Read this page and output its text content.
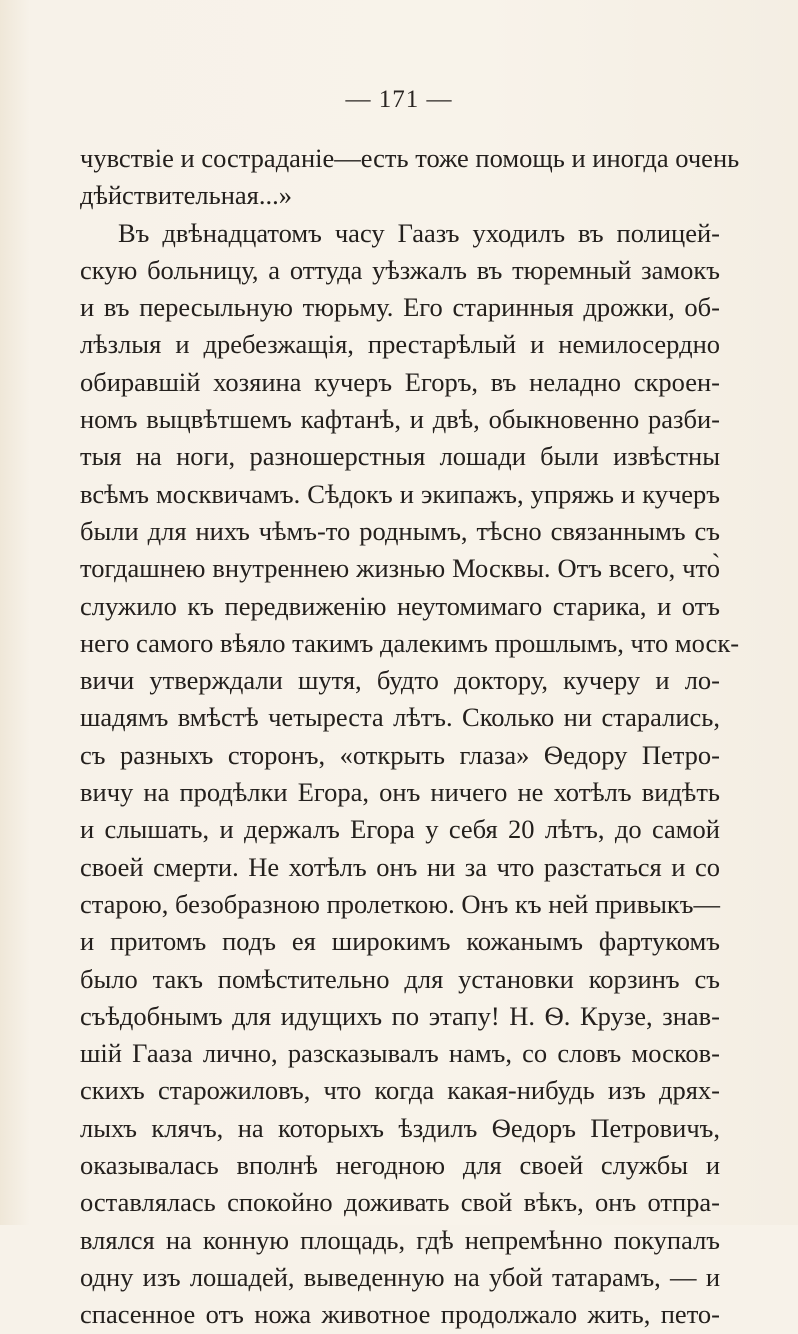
— 171 —
чувствіе и состраданіе—есть тоже помощь и иногда очень
дѣйствительная...»
Въ двѣнадцатомъ часу Гаазъ уходилъ въ полицей-
скую больницу, а оттуда уѣзжалъ въ тюремный замокъ
и въ пересыльную тюрьму. Его старинныя дрожки, об-
лѣзлыя и дребезжащія, престарѣлый и немилосердно
обиравшій хозяина кучеръ Егоръ, въ неладно скроен-
номъ выцвѣтшемъ кафтанѣ, и двѣ, обыкновенно разби-
тыя на ноги, разношерстныя лошади были извѣстны
всѣмъ москвичамъ. Сѣдокъ и экипажъ, упряжь и кучеръ
были для нихъ чѣмъ-то роднымъ, тѣсно связаннымъ съ
тогдашнею внутреннею жизнью Москвы. Отъ всего, что̀
служило къ передвиженію неутомимаго старика, и отъ
него самого вѣяло такимъ далекимъ прошлымъ, что моск-
вичи утверждали шутя, будто доктору, кучеру и ло-
шадямъ вмѣстѣ четыреста лѣтъ. Сколько ни старались,
съ разныхъ сторонъ, «открыть глаза» Ѳедору Петро-
вичу на продѣлки Егора, онъ ничего не хотѣлъ видѣть
и слышать, и держалъ Егора у себя 20 лѣтъ, до самой
своей смерти. Не хотѣлъ онъ ни за что разстаться и со
старою, безобразною пролеткою. Онъ къ ней привыкъ—
и притомъ подъ ея широкимъ кожанымъ фартукомъ
было такъ помѣстительно для установки корзинъ съ
съѣдобнымъ для идущихъ по этапу! Н. Ѳ. Крузе, знав-
шій Гааза лично, разсказывалъ намъ, со словъ москов-
скихъ старожиловъ, что когда какая-нибудь изъ дрях-
лыхъ клячъ, на которыхъ ѣздилъ Ѳедоръ Петровичъ,
оказывалась вполнѣ негодною для своей службы и
оставлялась спокойно доживать свой вѣкъ, онъ отпра-
влялся на конную площадь, гдѣ непремѣнно покупалъ
одну изъ лошадей, выведенную на убой татарамъ, — и
спасенное отъ ножа животное продолжало жить, пето-
